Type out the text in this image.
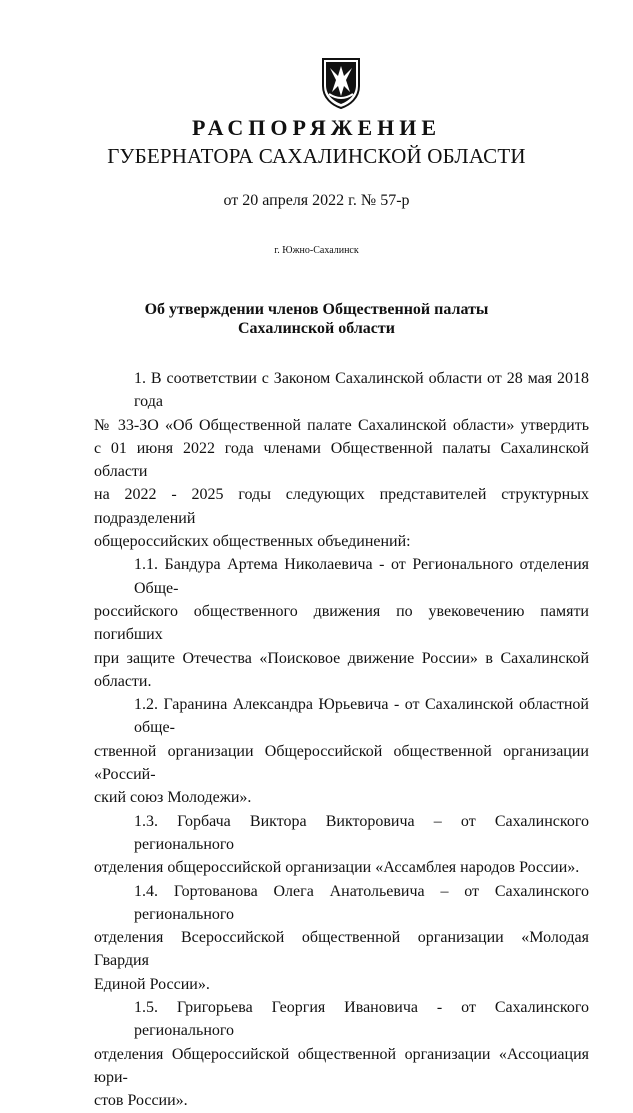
РАСПОРЯЖЕНИЕ
ГУБЕРНАТОРА САХАЛИНСКОЙ ОБЛАСТИ
от 20 апреля 2022 г. № 57-р
г. Южно-Сахалинск
Об утверждении членов Общественной палаты
Сахалинской области
1. В соответствии с Законом Сахалинской области от 28 мая 2018 года
№ 33-ЗО «Об Общественной палате Сахалинской области» утвердить
с 01 июня 2022 года членами Общественной палаты Сахалинской области
на 2022 - 2025 годы следующих представителей структурных подразделений
общероссийских общественных объединений:
1.1. Бандура Артема Николаевича - от Регионального отделения Обще-
российского общественного движения по увековечению памяти погибших
при защите Отечества «Поисковое движение России» в Сахалинской области.
1.2. Гаранина Александра Юрьевича - от Сахалинской областной обще-
ственной организации Общероссийской общественной организации «Россий-
ский союз Молодежи».
1.3. Горбача Виктора Викторовича – от Сахалинского регионального
отделения общероссийской организации «Ассамблея народов России».
1.4. Гортованова Олега Анатольевича – от Сахалинского регионального
отделения Всероссийской общественной организации «Молодая Гвардия
Единой России».
1.5. Григорьева Георгия Ивановича - от Сахалинского регионального
отделения Общероссийской общественной организации «Ассоциация юри-
стов России».
